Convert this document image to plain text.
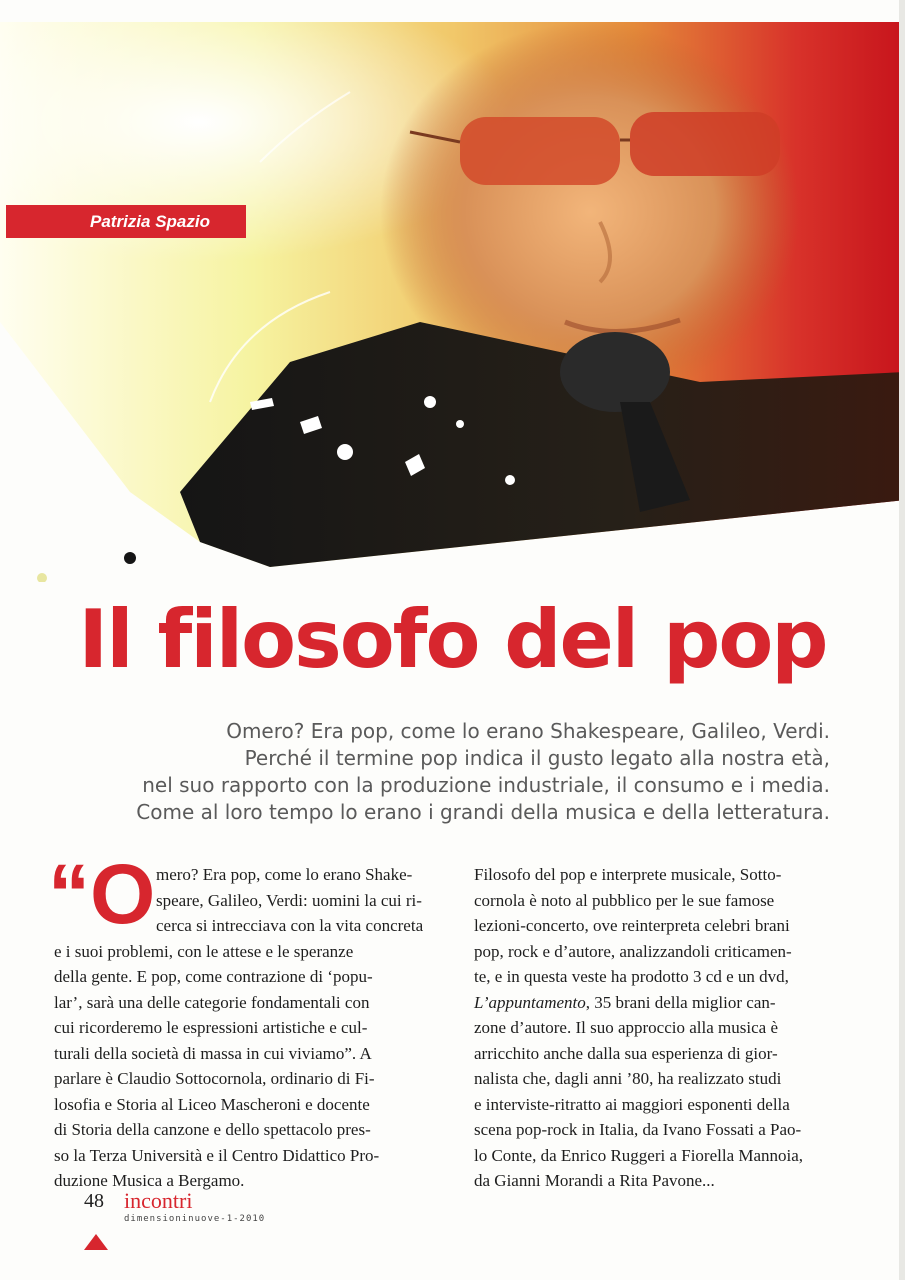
Patrizia Spazio
Il filosofo del pop
Omero? Era pop, come lo erano Shakespeare, Galileo, Verdi.
Perché il termine pop indica il gusto legato alla nostra età,
nel suo rapporto con la produzione industriale, il consumo e i media.
Come al loro tempo lo erano i grandi della musica e della letteratura.
“O mero? Era pop, come lo erano Shake-
speare, Galileo, Verdi: uomini la cui ri-
cerca si intrecciava con la vita concreta
e i suoi problemi, con le attese e le speranze
della gente. E pop, come contrazione di ‘popu-
lar’, sarà una delle categorie fondamentali con
cui ricorderemo le espressioni artistiche e cul-
turali della società di massa in cui viviamo”. A
parlare è Claudio Sottocornola, ordinario di Fi-
losofia e Storia al Liceo Mascheroni e docente
di Storia della canzone e dello spettacolo pres-
so la Terza Università e il Centro Didattico Pro-
duzione Musica a Bergamo.
Filosofo del pop e interprete musicale, Sotto-
cornola è noto al pubblico per le sue famose
lezioni-concerto, ove reinterpreta celebri brani
pop, rock e d’autore, analizzandoli criticamen-
te, e in questa veste ha prodotto 3 cd e un dvd,
L’appuntamento, 35 brani della miglior can-
zone d’autore. Il suo approccio alla musica è
arricchito anche dalla sua esperienza di gior-
nalista che, dagli anni ’80, ha realizzato studi
e interviste-ritratto ai maggiori esponenti della
scena pop-rock in Italia, da Ivano Fossati a Pao-
lo Conte, da Enrico Ruggeri a Fiorella Mannoia,
da Gianni Morandi a Rita Pavone...
48 incontri
dimensioninuove-1-2010
